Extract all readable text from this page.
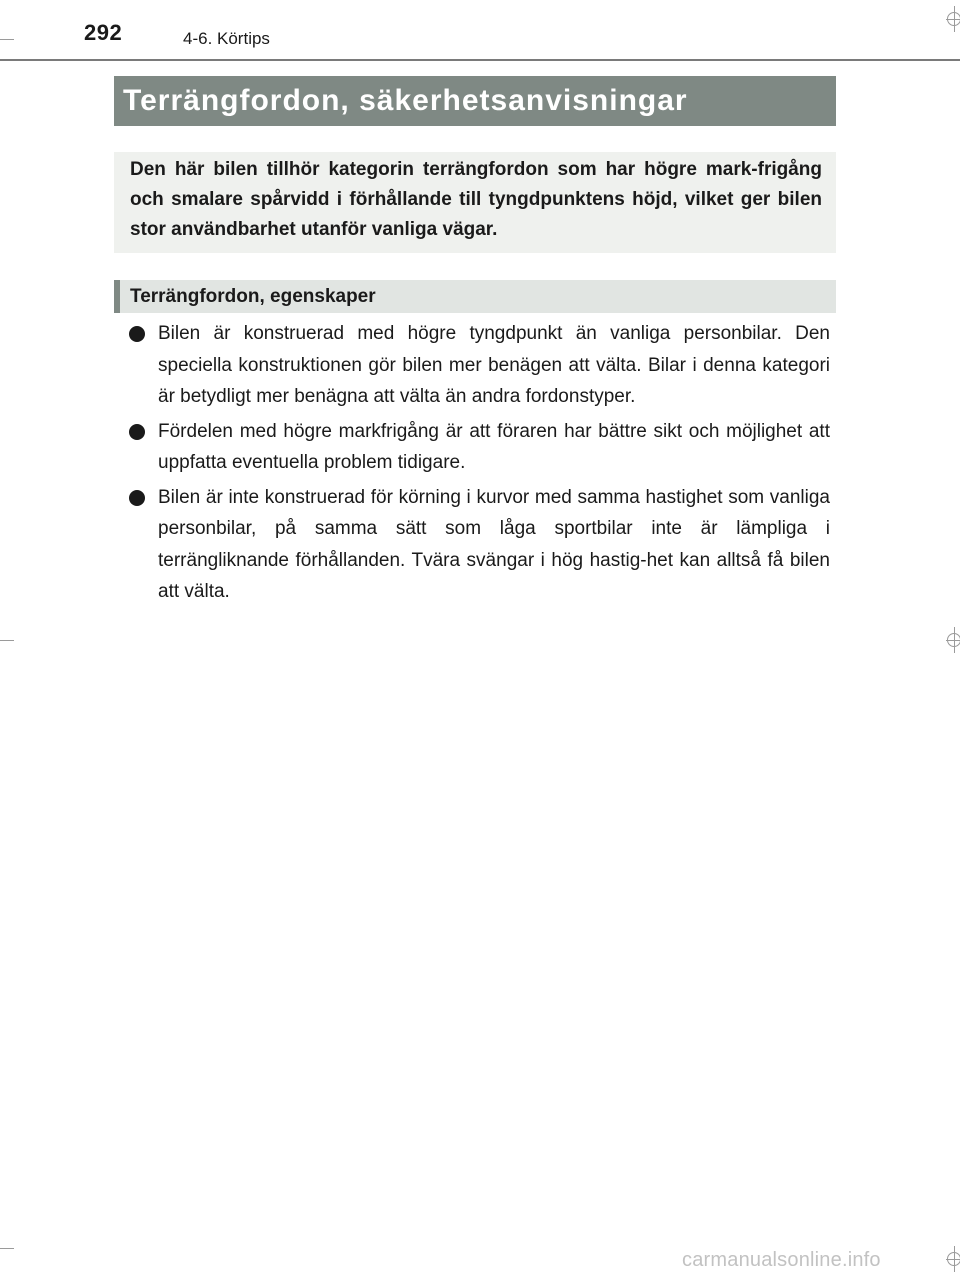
292	4-6. Körtips
Terrängfordon, säkerhetsanvisningar
Den här bilen tillhör kategorin terrängfordon som har högre mark-frigång och smalare spårvidd i förhållande till tyngdpunktens höjd, vilket ger bilen stor användbarhet utanför vanliga vägar.
Terrängfordon, egenskaper
Bilen är konstruerad med högre tyngdpunkt än vanliga personbilar. Den speciella konstruktionen gör bilen mer benägen att välta. Bilar i denna kategori är betydligt mer benägna att välta än andra fordonstyper.
Fördelen med högre markfrigång är att föraren har bättre sikt och möjlighet att uppfatta eventuella problem tidigare.
Bilen är inte konstruerad för körning i kurvor med samma hastighet som vanliga personbilar, på samma sätt som låga sportbilar inte är lämpliga i terrängliknande förhållanden. Tvära svängar i hög hastig-het kan alltså få bilen att välta.
carmanualsonline.info
